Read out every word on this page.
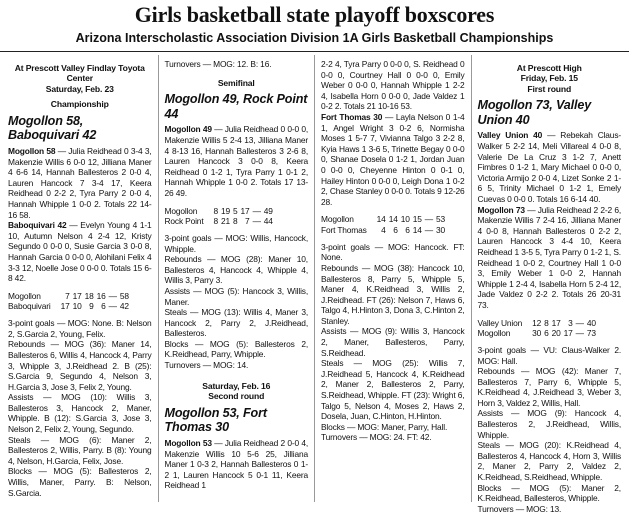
Girls basketball state playoff boxscores
Arizona Interscholastic Association Division 1A Girls Basketball Championships
At Prescott Valley Findlay Toyota Center
Saturday, Feb. 23
Championship
Mogollon 58, Baboquivari 42

Mogollon 58 — Julia Reidhead 0 3-4 3, Makenzie Willis 6 0-0 12, Jilliana Maner 4 6-6 14, Hannah Ballesteros 2 0-0 4, Lauren Hancock 7 3-4 17, Keera Reidhead 0 2-2 2, Tyra Parry 2 0-0 4, Hannah Whipple 1 0-0 2. Totals 22 14-16 58.

Baboquivari 42 — Evelyn Young 4 1-1 10, Autumn Nelson 4 2-4 12, Kristy Segundo 0 0-0 0, Susie Garcia 3 0-0 8, Hannah Garcia 0 0-0 0, Alohilani Felix 4 3-3 12, Noelle Jose 0 0-0 0. Totals 15 6-8 42.

Mogollon	7	17	18	16	—	58
Baboquivari	17	10	9	6	—	42

3-point goals — MOG: None. B: Nelson 2, S.Garcia 2, Young, Felix.

Rebounds — MOG (36): Maner 14, Ballesteros 6, Willis 4, Hancock 4, Parry 3, Whipple 3, J.Reidhead 2. B (25): S.Garcia 9, Segundo 4, Nelson 3, H.Garcia 3, Jose 3, Felix 2, Young.

Assists — MOG (10): Willis 3, Ballesteros 3, Hancock 2, Maner, Whipple. B (12): S.Garcia 3, Jose 3, Nelson 2, Felix 2, Young, Segundo.

Steals — MOG (6): Maner 2, Ballesteros 2, Willis, Parry. B (8): Young 4, Nelson, H.Garcia, Felix, Jose.

Blocks — MOG (5): Ballesteros 2, Willis, Maner, Parry. B: Nelson, S.Garcia.

Turnovers — MOG: 12. B: 16.

Semifinal
Mogollon 49, Rock Point 44

Mogollon 49 — Julia Reidhead 0 0-0 0, Makenzie Willis 5 2-4 13, Jilliana Maner 4 8-13 16, Hannah Ballesteros 3 2-6 8, Lauren Hancock 3 0-0 8, Keera Reidhead 0 1-2 1, Tyra Parry 1 0-1 2, Hannah Whipple 1 0-0 2. Totals 17 13-26 49.

Mogollon	8	19	5	17	—	49
Rock Point	8	21	8	7	—	44

3-point goals — MOG: Willis, Hancock, Whipple.

Rebounds — MOG (28): Maner 10, Ballesteros 4, Hancock 4, Whipple 4, Willis 3, Parry 3.

Assists — MOG (5): Hancock 3, Willis, Maner.

Steals — MOG (13): Willis 4, Maner 3, Hancock 2, Parry 2, J.Reidhead, Ballesteros.

Blocks — MOG (5): Ballesteros 2, K.Reidhead, Parry, Whipple.

Turnovers — MOG: 14.

Saturday, Feb. 16
Second round
Mogollon 53, Fort Thomas 30

Mogollon 53 — Julia Reidhead 2 0-0 4, Makenzie Willis 10 5-6 25, Jilliana Maner 1 0-3 2, Hannah Ballesteros 0 1-2 1, Lauren Hancock 5 0-1 11, Keera Reidhead 1

2-2 4, Tyra Parry 0 0-0 0, S. Reidhead 0 0-0 0, Courtney Hall 0 0-0 0, Emily Weber 0 0-0 0, Hannah Whipple 1 2-2 4, Isabella Horn 0 0-0 0, Jade Valdez 1 0-2 2. Totals 21 10-16 53.

Fort Thomas 30 — Layla Nelson 0 1-4 1, Angel Wright 3 0-2 6, Normisha Moses 1 5-7 7, Vivianna Talgo 3 2-2 8, Kyia Haws 1 3-6 5, Trinette Begay 0 0-0 0, Shanae Dosela 0 1-2 1, Jordan Juan 0 0-0 0, Cheyenne Hinton 0 0-1 0, Hailey Hinton 0 0-0 0, Leigh Dona 1 0-2 2, Chase Stanley 0 0-0 0. Totals 9 12-26 28.

Mogollon	14	14	10	15	—	53
Fort Thomas	4	6	6	14	—	30

3-point goals — MOG: Hancock. FT: None.

Rebounds — MOG (38): Hancock 10, Ballesteros 8, Parry 5, Whipple 5, Maner 4, K.Reidhead 3, Willis 2, J.Reidhead. FT (26): Nelson 7, Haws 6, Talgo 4, H.Hinton 3, Dona 3, C.Hinton 2, Stanley.

Assists — MOG (9): Willis 3, Hancock 2, Maner, Ballesteros, Parry, S.Reidhead.

Steals — MOG (25): Willis 7, J.Reidhead 5, Hancock 4, K.Reidhead 2, Maner 2, Ballesteros 2, Parry, S.Reidhead, Whipple. FT (23): Wright 6, Talgo 5, Nelson 4, Moses 2, Haws 2, Dosela, Juan, C.Hinton, H.Hinton.

Blocks — MOG: Maner, Parry, Hall.

Turnovers — MOG: 24. FT: 42.

At Prescott High
Friday, Feb. 15
First round
Mogollon 73, Valley Union 40

Valley Union 40 — Rebekah Claus-Walker 5 2-2 14, Meli Villareal 4 0-0 8, Valerie De La Cruz 3 1-2 7, Anett Fimbres 0 1-2 1, Mary Michael 0 0-0 0, Victoria Armijo 2 0-0 4, Lizet Sonke 2 1-6 5, Trinity Michael 0 1-2 1, Emely Cuevas 0 0-0 0. Totals 16 6-14 40.

Mogollon 73 — Julia Reidhead 2 2-2 6, Makenzie Willis 7 2-4 16, Jilliana Maner 4 0-0 8, Hannah Ballesteros 0 2-2 2, Lauren Hancock 3 4-4 10, Keera Reidhead 1 3-5 5, Tyra Parry 0 1-2 1, S. Reidhead 1 0-0 2, Courtney Hall 1 0-0 3, Emily Weber 1 0-0 2, Hannah Whipple 1 2-4 4, Isabella Horn 5 2-4 12, Jade Valdez 0 2-2 2. Totals 26 20-31 73.

Valley Union	12	8	17	3	—	40
Mogollon	30	6	20	17	—	73

3-point goals — VU: Claus-Walker 2. MOG: Hall.

Rebounds — MOG (42): Maner 7, Ballesteros 7, Parry 6, Whipple 5, K.Reidhead 4, J.Reidhead 3, Weber 3, Horn 3, Valdez 2, Willis, Hall.

Assists — MOG (9): Hancock 4, Ballesteros 2, J.Reidhead, Willis, Whipple.

Steals — MOG (20): K.Reidhead 4, Ballesteros 4, Hancock 4, Horn 3, Willis 2, Maner 2, Parry 2, Valdez 2, K.Reidhead, S.Reidhead, Whipple.

Blocks — MOG (5): Maner 2, K.Reidhead, Ballesteros, Whipple.

Turnovers — MOG: 13.
